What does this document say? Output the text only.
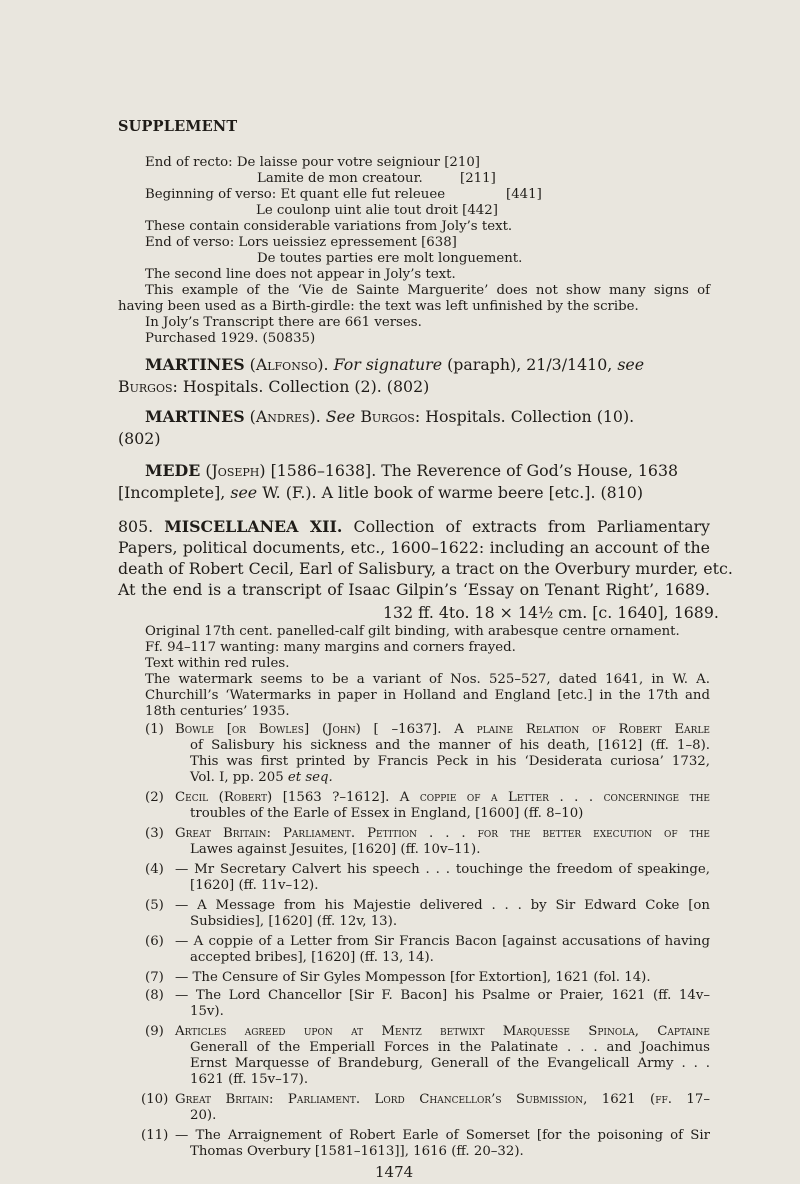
SUPPLEMENT
End of recto: De laisse pour votre seigniour [210]
Lamite de mon creatour.	[211]
Beginning of verso: Et quant elle fut releuee	[441]
Le coulonp uint alie tout droit [442]
These contain considerable variations from Joly’s text.
End of verso: Lors ueissiez epressement [638]
De toutes parties ere molt longuement.
The second line does not appear in Joly’s text.
This example of the ‘Vie de Sainte Marguerite’ does not show many signs of
having been used as a Birth-girdle: the text was left unfinished by the scribe.
In Joly’s Transcript there are 661 verses.
Purchased 1929. (50835)
MARTINES (Alfonso). For signature (paraph), 21/3/1410, see
Burgos: Hospitals. Collection (2). (802)
MARTINES (Andres). See Burgos: Hospitals. Collection (10).
(802)
MEDE (Joseph) [1586–1638]. The Reverence of God’s House, 1638
[Incomplete], see W. (F.). A litle book of warme beere [etc.]. (810)
805. MISCELLANEA XII. Collection of extracts from Parliamentary
Papers, political documents, etc., 1600–1622: including an account of the
death of Robert Cecil, Earl of Salisbury, a tract on the Overbury murder, etc.
At the end is a transcript of Isaac Gilpin’s ‘Essay on Tenant Right’, 1689.
132 ff. 4to. 18 × 14½ cm. [c. 1640], 1689.
Original 17th cent. panelled-calf gilt binding, with arabesque centre ornament.
Ff. 94–117 wanting: many margins and corners frayed.
Text within red rules.
The watermark seems to be a variant of Nos. 525–527, dated 1641, in W. A.
Churchill’s ‘Watermarks in paper in Holland and England [etc.] in the 17th and
18th centuries’ 1935.
(1) Bowle [or Bowles] (John) [ –1637]. A plaine Relation of Robert Earle
of Salisbury his sickness and the manner of his death, [1612] (ff. 1–8).
This was first printed by Francis Peck in his ‘Desiderata curiosa’ 1732,
Vol. I, pp. 205 et seq.
(2) Cecil (Robert) [1563 ?–1612]. A coppie of a Letter . . . concerninge the
troubles of the Earle of Essex in England, [1600] (ff. 8–10)
(3) Great Britain: Parliament. Petition . . . for the better execution of the
Lawes against Jesuites, [1620] (ff. 10v–11).
(4) — Mr Secretary Calvert his speech . . . touchinge the freedom of speakinge,
[1620] (ff. 11v–12).
(5) — A Message from his Majestie delivered . . . by Sir Edward Coke [on
Subsidies], [1620] (ff. 12v, 13).
(6) — A coppie of a Letter from Sir Francis Bacon [against accusations of having
accepted bribes], [1620] (ff. 13, 14).
(7) — The Censure of Sir Gyles Mompesson [for Extortion], 1621 (fol. 14).
(8) — The Lord Chancellor [Sir F. Bacon] his Psalme or Praier, 1621 (ff. 14v–
15v).
(9) Articles agreed upon at Mentz betwixt Marquesse Spinola, Captaine
Generall of the Emperiall Forces in the Palatinate . . . and Joachimus
Ernst Marquesse of Brandeburg, Generall of the Evangelicall Army . . .
1621 (ff. 15v–17).
(10) Great Britain: Parliament. Lord Chancellor’s Submission, 1621 (ff. 17–
20).
(11) — The Arraignement of Robert Earle of Somerset [for the poisoning of Sir
Thomas Overbury [1581–1613]], 1616 (ff. 20–32).
1474
